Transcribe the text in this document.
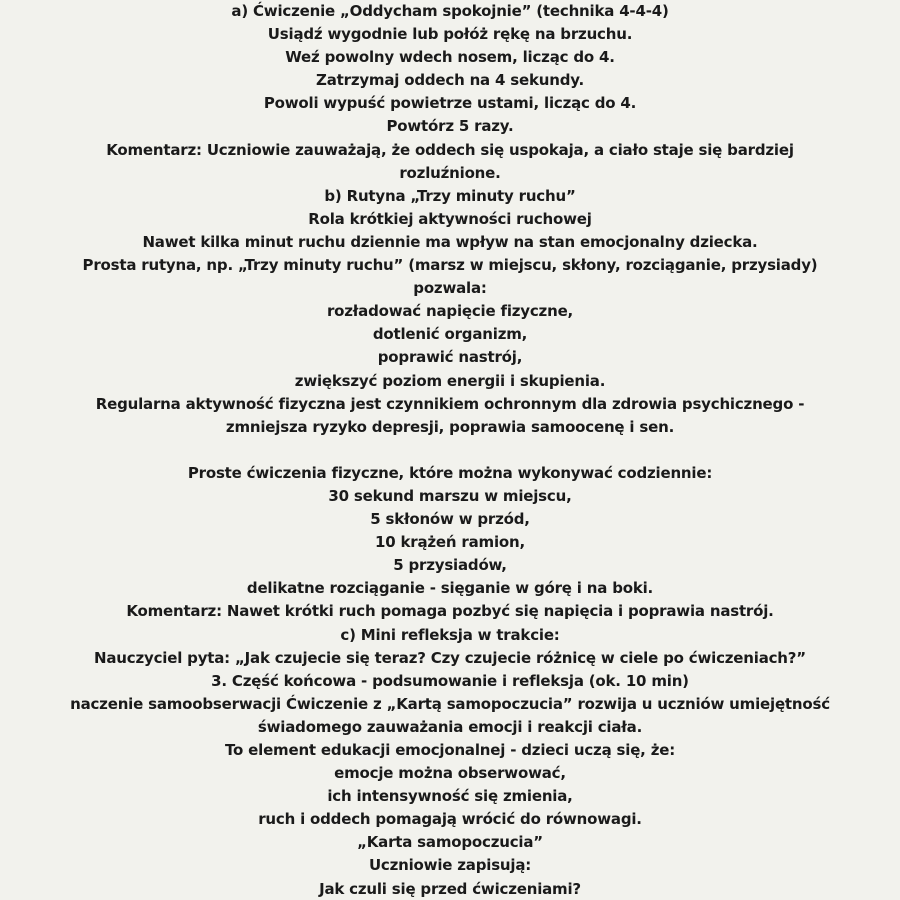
a) Ćwiczenie „Oddycham spokojnie” (technika 4-4-4)
Usiądź wygodnie lub połóż rękę na brzuchu.
Weź powolny wdech nosem, licząc do 4.
Zatrzymaj oddech na 4 sekundy.
Powoli wypuść powietrze ustami, licząc do 4.
Powtórz 5 razy.
Komentarz: Uczniowie zauważają, że oddech się uspokaja, a ciało staje się bardziej
rozluźnione.
b) Rutyna „Trzy minuty ruchu”
Rola krótkiej aktywności ruchowej
Nawet kilka minut ruchu dziennie ma wpływ na stan emocjonalny dziecka.
Prosta rutyna, np. „Trzy minuty ruchu” (marsz w miejscu, skłony, rozciąganie, przysiady)
pozwala:
rozładować napięcie fizyczne,
dotlenić organizm,
poprawić nastrój,
zwiększyć poziom energii i skupienia.
Regularna aktywność fizyczna jest czynnikiem ochronnym dla zdrowia psychicznego -
zmniejsza ryzyko depresji, poprawia samoocenę i sen.
Proste ćwiczenia fizyczne, które można wykonywać codziennie:
30 sekund marszu w miejscu,
5 skłonów w przód,
10 krążeń ramion,
5 przysiadów,
delikatne rozciąganie - sięganie w górę i na boki.
Komentarz: Nawet krótki ruch pomaga pozbyć się napięcia i poprawia nastrój.
c) Mini refleksja w trakcie:
Nauczyciel pyta: „Jak czujecie się teraz? Czy czujecie różnicę w ciele po ćwiczeniach?”
3. Część końcowa - podsumowanie i refleksja (ok. 10 min)
naczenie samoobserwacji Ćwiczenie z „Kartą samopoczucia” rozwija u uczniów umiejętność
świadomego zauważania emocji i reakcji ciała.
To element edukacji emocjonalnej - dzieci uczą się, że:
emocje można obserwować,
ich intensywność się zmienia,
ruch i oddech pomagają wrócić do równowagi.
„Karta samopoczucia”
Uczniowie zapisują:
Jak czuli się przed ćwiczeniami?
